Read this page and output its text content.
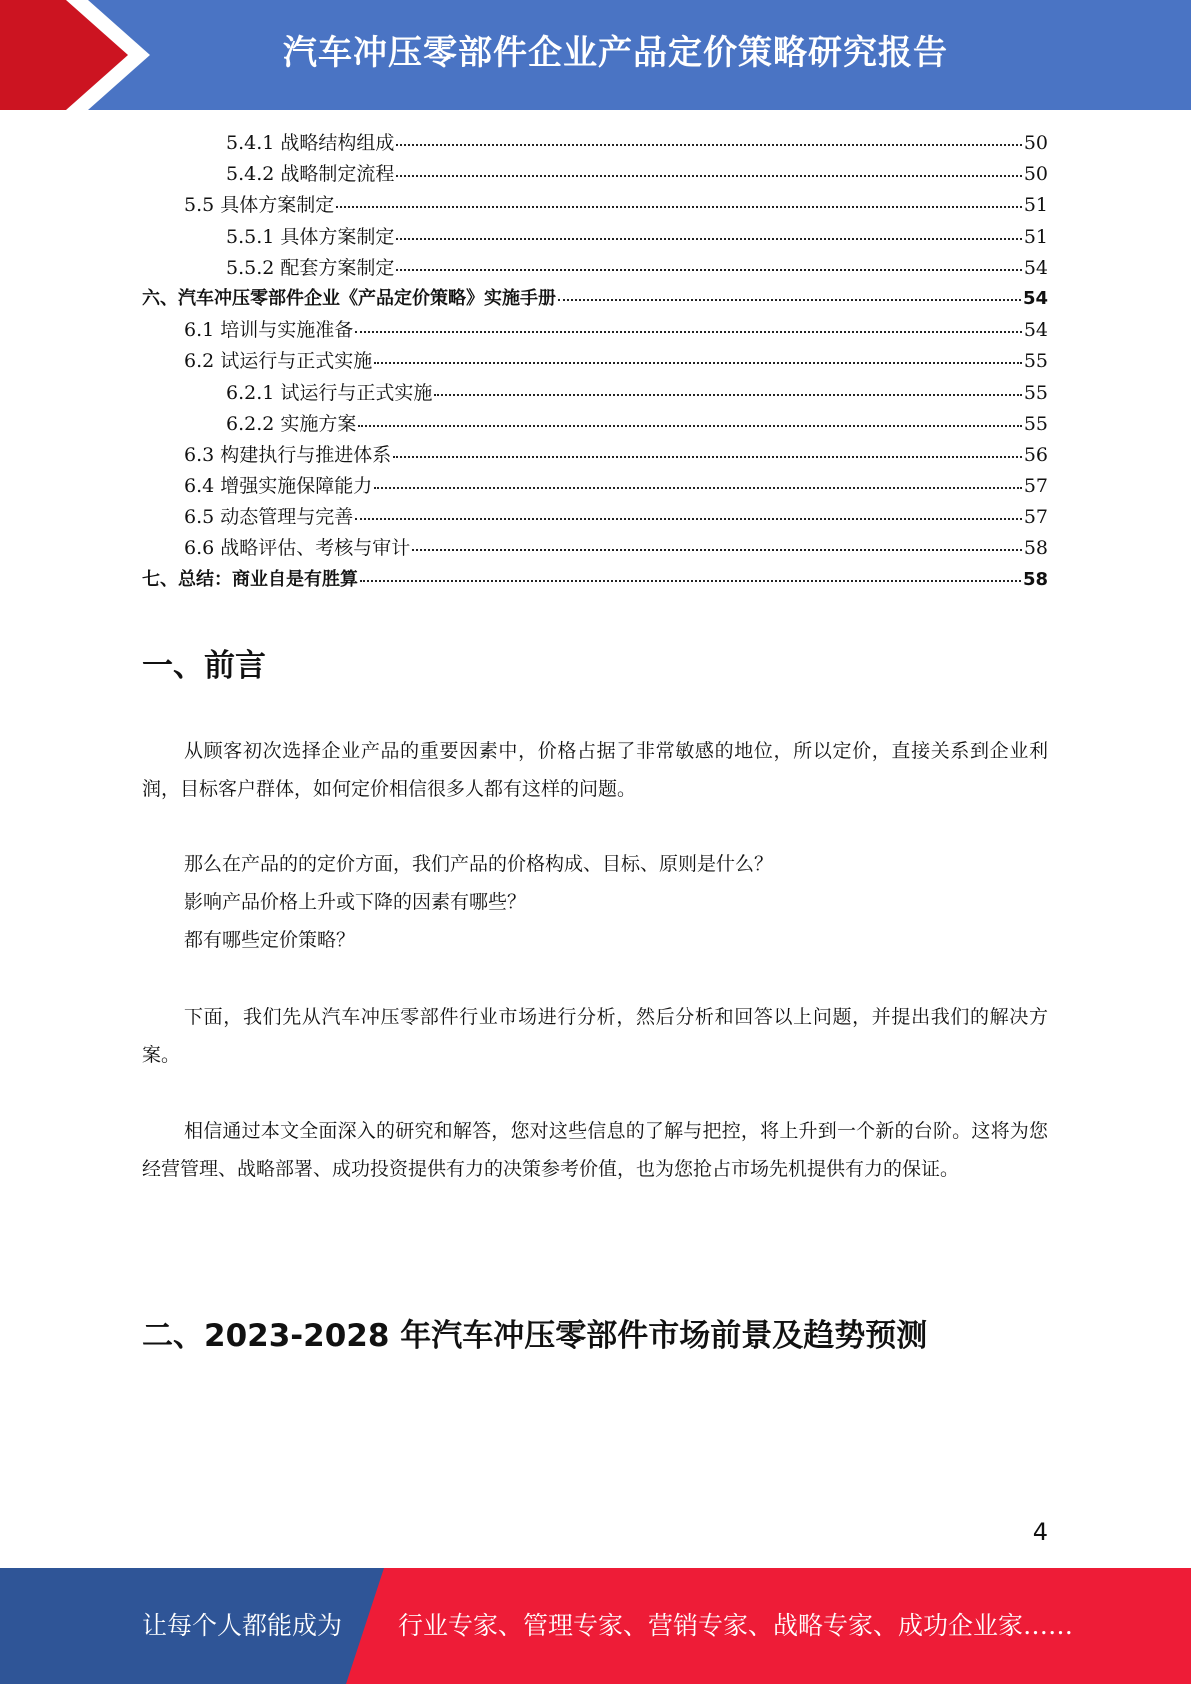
汽车冲压零部件企业产品定价策略研究报告
5.4.1 战略结构组成	50
5.4.2 战略制定流程	50
5.5 具体方案制定	51
5.5.1 具体方案制定	51
5.5.2 配套方案制定	54
六、汽车冲压零部件企业《产品定价策略》实施手册	54
6.1 培训与实施准备	54
6.2 试运行与正式实施	55
6.2.1 试运行与正式实施	55
6.2.2 实施方案	55
6.3 构建执行与推进体系	56
6.4 增强实施保障能力	57
6.5 动态管理与完善	57
6.6 战略评估、考核与审计	58
七、总结：商业自是有胜算	58
一、前言
从顾客初次选择企业产品的重要因素中，价格占据了非常敏感的地位，所以定价，直接关系到企业利润，目标客户群体，如何定价相信很多人都有这样的问题。
那么在产品的的定价方面，我们产品的价格构成、目标、原则是什么？
影响产品价格上升或下降的因素有哪些？
都有哪些定价策略？
下面，我们先从汽车冲压零部件行业市场进行分析，然后分析和回答以上问题，并提出我们的解决方案。
相信通过本文全面深入的研究和解答，您对这些信息的了解与把控，将上升到一个新的台阶。这将为您经营管理、战略部署、成功投资提供有力的决策参考价值，也为您抢占市场先机提供有力的保证。
二、2023-2028 年汽车冲压零部件市场前景及趋势预测
4
让每个人都能成为 行业专家、管理专家、营销专家、战略专家、成功企业家……
